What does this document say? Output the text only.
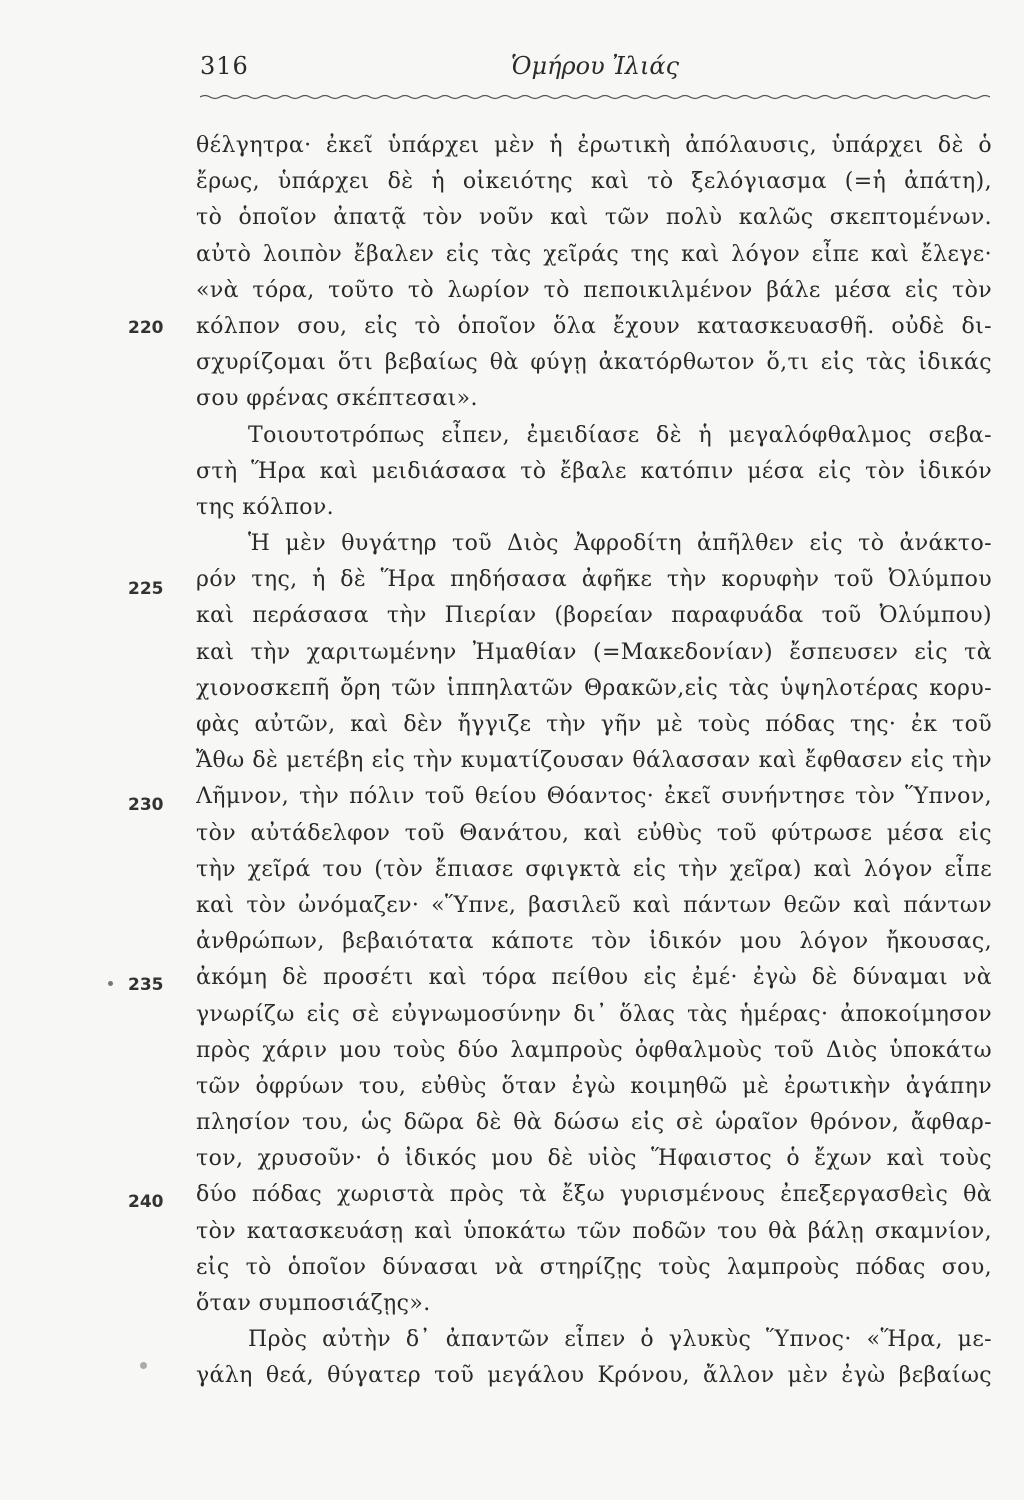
316	Ὁμήρου Ἰλιάς
θέλγητρα· ἐκεῖ ὑπάρχει μὲν ἡ ἐρωτικὴ ἀπόλαυσις, ὑπάρχει δὲ ὁ
ἔρως, ὑπάρχει δὲ ἡ οἰκειότης καὶ τὸ ξελόγιασμα (=ἡ ἀπάτη),
τὸ ὁποῖον ἀπατᾷ τὸν νοῦν καὶ τῶν πολὺ καλῶς σκεπτομένων.
αὐτὸ λοιπὸν ἔβαλεν εἰς τὰς χεῖράς της καὶ λόγον εἶπε καὶ ἔλεγε·
«νὰ τόρα, τοῦτο τὸ λωρίον τὸ πεποικιλμένον βάλε μέσα εἰς τὸν
κόλπον σου, εἰς τὸ ὁποῖον ὅλα ἔχουν κατασκευασθῆ. οὐδὲ δι-
σχυρίζομαι ὅτι βεβαίως θὰ φύγῃ ἀκατόρθωτον ὅ,τι εἰς τὰς ἰδικάς
σου φρένας σκέπτεσαι».
Τοιουτοτρόπως εἶπεν, ἐμειδίασε δὲ ἡ μεγαλόφθαλμος σεβα-
στὴ Ἥρα καὶ μειδιάσασα τὸ ἔβαλε κατόπιν μέσα εἰς τὸν ἰδικόν
της κόλπον.
Ἡ μὲν θυγάτηρ τοῦ Διὸς Ἀφροδίτη ἀπῆλθεν εἰς τὸ ἀνάκτο-
ρόν της, ἡ δὲ Ἥρα πηδήσασα ἀφῆκε τὴν κορυφὴν τοῦ Ὀλύμπου
καὶ περάσασα τὴν Πιερίαν (βορείαν παραφυάδα τοῦ Ὀλύμπου)
καὶ τὴν χαριτωμένην Ἠμαθίαν (=Μακεδονίαν) ἔσπευσεν εἰς τὰ
χιονοσκεπῆ ὄρη τῶν ἱππηλατῶν Θρακῶν,εἰς τὰς ὑψηλοτέρας κορυ-
φὰς αὐτῶν, καὶ δὲν ἤγγιζε τὴν γῆν μὲ τοὺς πόδας της· ἐκ τοῦ
Ἄθω δὲ μετέβη εἰς τὴν κυματίζουσαν θάλασσαν καὶ ἔφθασεν εἰς τὴν
Λῆμνον, τὴν πόλιν τοῦ θείου Θόαντος· ἐκεῖ συνήντησε τὸν Ὕπνον,
τὸν αὐτάδελφον τοῦ Θανάτου, καὶ εὐθὺς τοῦ φύτρωσε μέσα εἰς
τὴν χεῖρά του (τὸν ἔπιασε σφιγκτὰ εἰς τὴν χεῖρα) καὶ λόγον εἶπε
καὶ τὸν ὠνόμαζεν· «Ὕπνε, βασιλεῦ καὶ πάντων θεῶν καὶ πάντων
ἀνθρώπων, βεβαιότατα κάποτε τὸν ἰδικόν μου λόγον ἤκουσας,
ἀκόμη δὲ προσέτι καὶ τόρα πείθου εἰς ἐμέ· ἐγὼ δὲ δύναμαι νὰ
γνωρίζω εἰς σὲ εὐγνωμοσύνην δι᾽ ὅλας τὰς ἡμέρας· ἀποκοίμησον
πρὸς χάριν μου τοὺς δύο λαμπροὺς ὀφθαλμοὺς τοῦ Διὸς ὑποκάτω
τῶν ὀφρύων του, εὐθὺς ὅταν ἐγὼ κοιμηθῶ μὲ ἐρωτικὴν ἀγάπην
πλησίον του, ὡς δῶρα δὲ θὰ δώσω εἰς σὲ ὡραῖον θρόνον, ἄφθαρ-
τον, χρυσοῦν· ὁ ἰδικός μου δὲ υἱὸς Ἥφαιστος ὁ ἔχων καὶ τοὺς
δύο πόδας χωριστὰ πρὸς τὰ ἔξω γυρισμένους ἐπεξεργασθεὶς θὰ
τὸν κατασκευάσῃ καὶ ὑποκάτω τῶν ποδῶν του θὰ βάλῃ σκαμνίον,
εἰς τὸ ὁποῖον δύνασαι νὰ στηρίζῃς τοὺς λαμπροὺς πόδας σου,
ὅταν συμποσιάζῃς».
Πρὸς αὐτὴν δ᾽ ἀπαντῶν εἶπεν ὁ γλυκὺς Ὕπνος· «Ἥρα, με-
γάλη θεά, θύγατερ τοῦ μεγάλου Κρόνου, ἄλλον μὲν ἐγὼ βεβαίως
220
225
230
235
240
